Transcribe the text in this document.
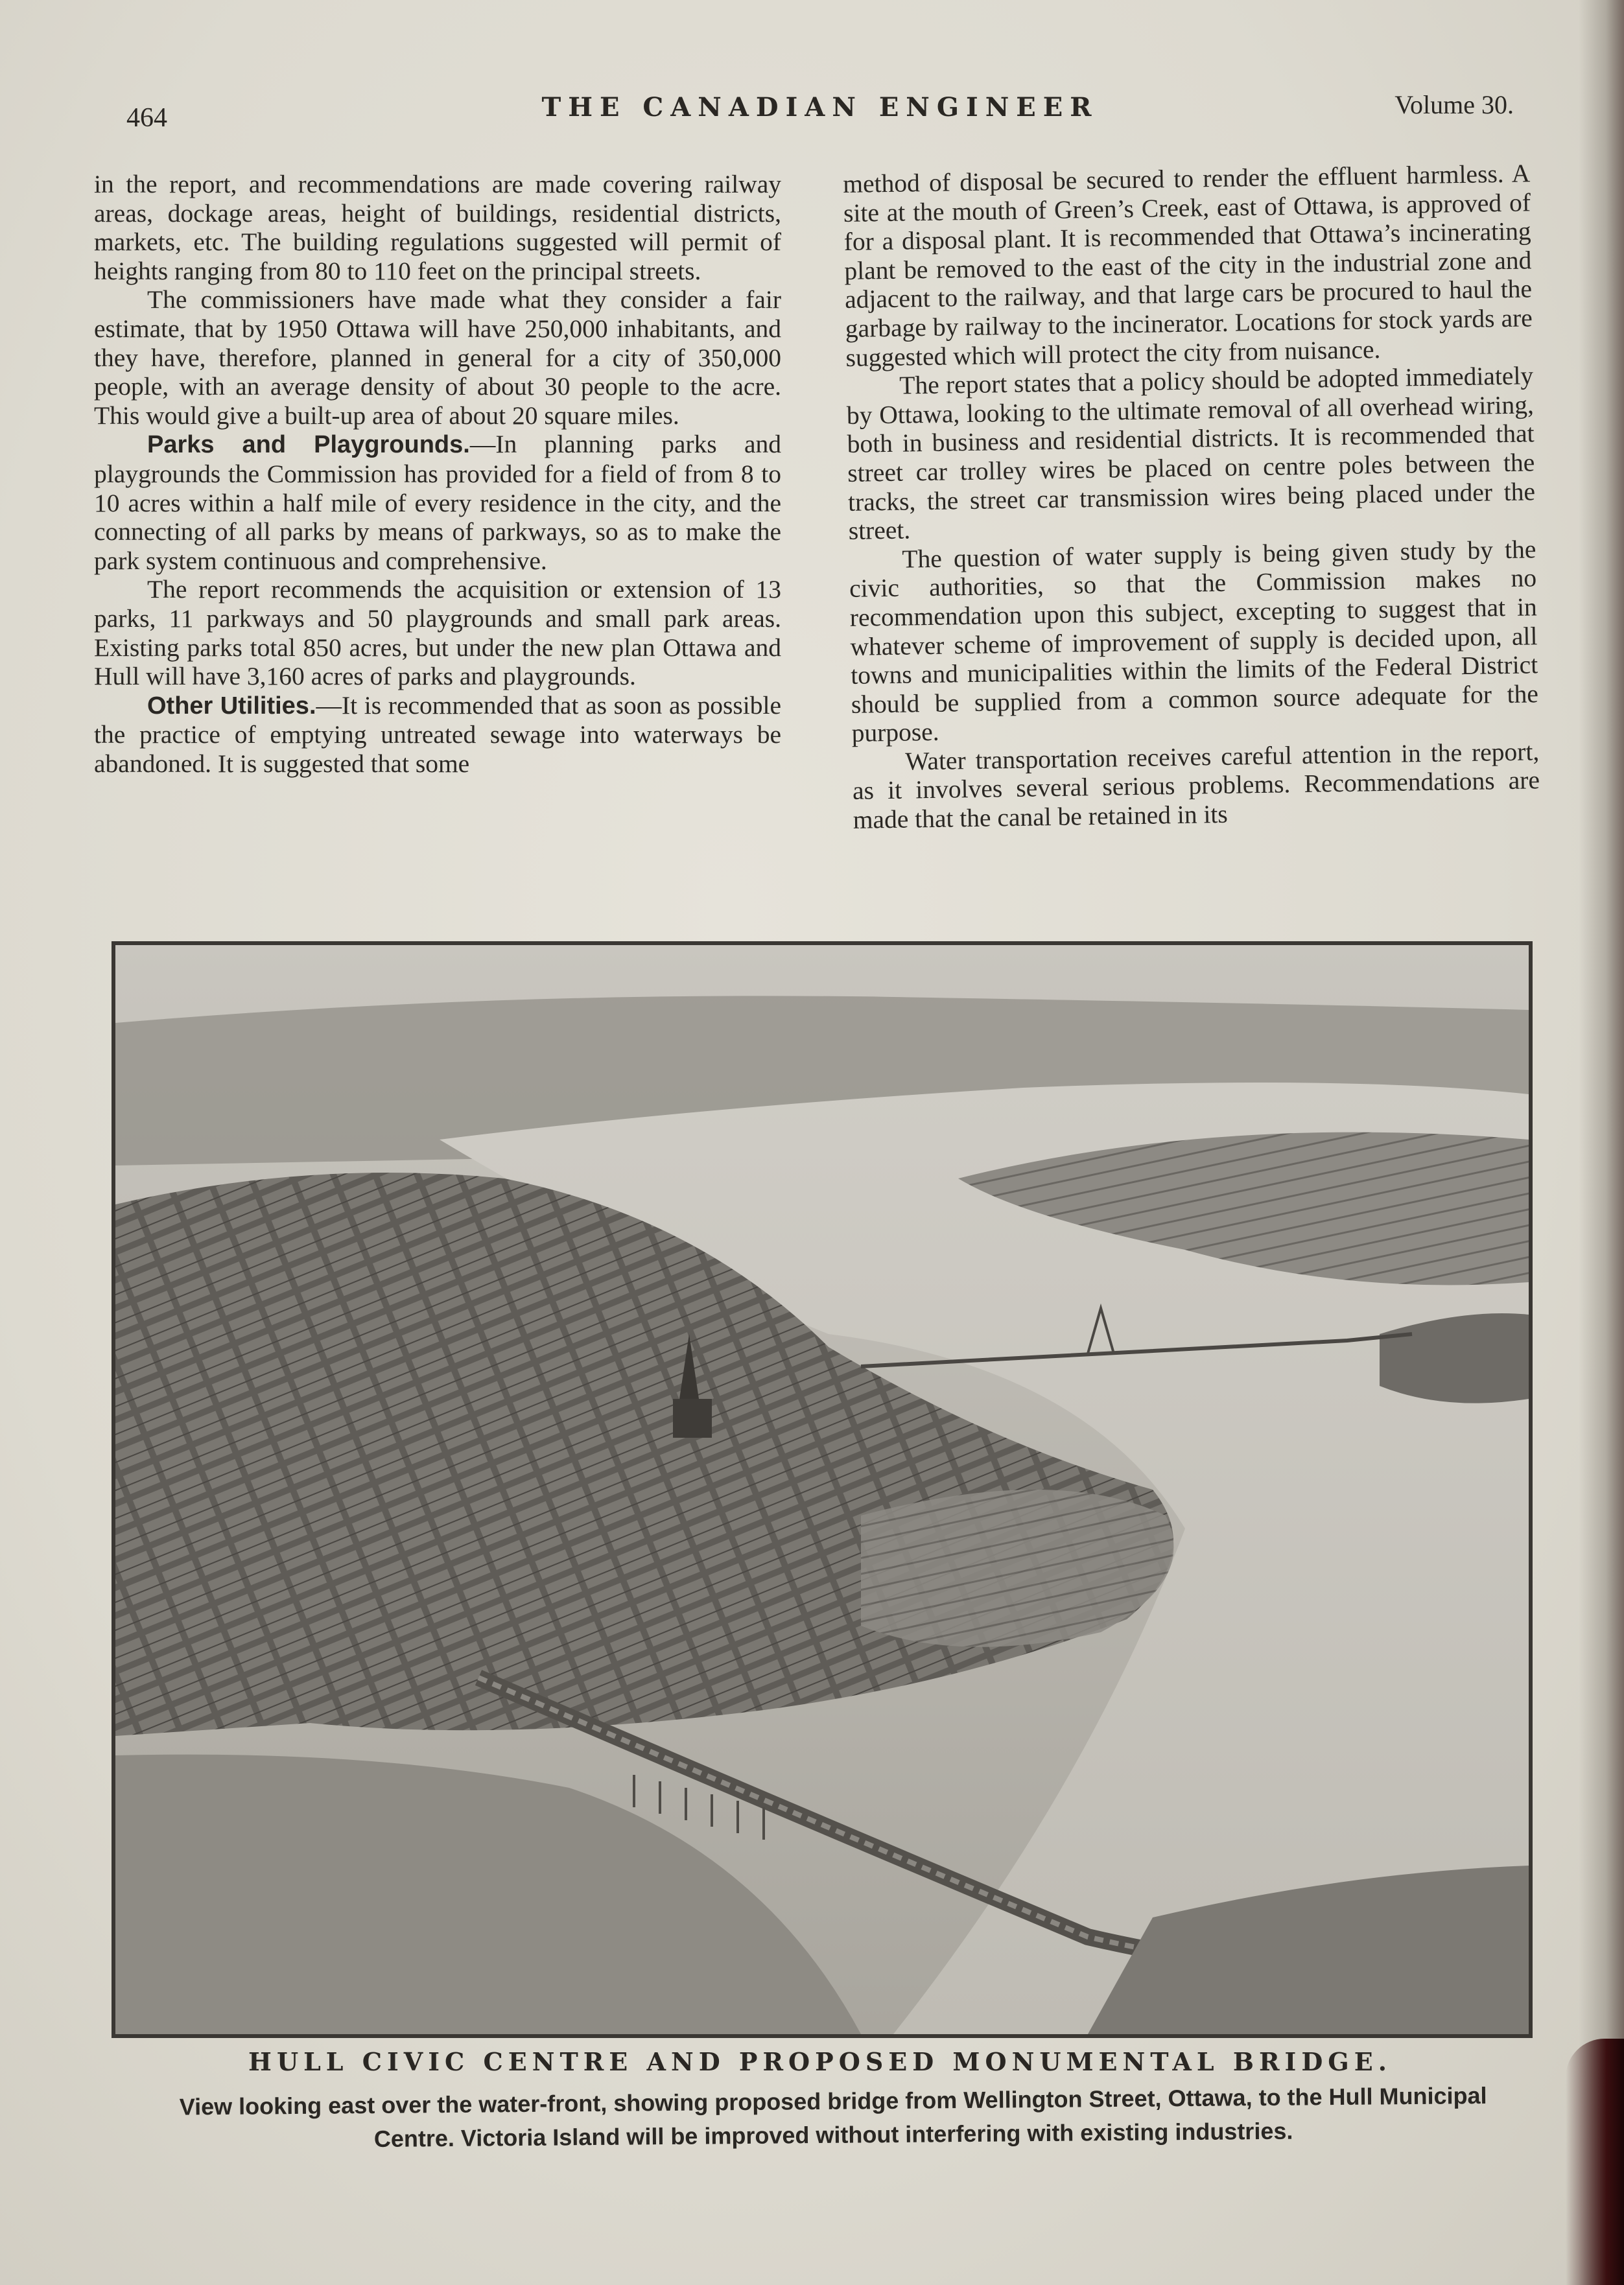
464	THE CANADIAN ENGINEER	Volume 30.

in the report, and recommendations are made covering railway areas, dockage areas, height of buildings, residential districts, markets, etc. The building regulations suggested will permit of heights ranging from 80 to 110 feet on the principal streets.

The commissioners have made what they consider a fair estimate, that by 1950 Ottawa will have 250,000 inhabitants, and they have, therefore, planned in general for a city of 350,000 people, with an average density of about 30 people to the acre. This would give a built-up area of about 20 square miles.

Parks and Playgrounds.—In planning parks and playgrounds the Commission has provided for a field of from 8 to 10 acres within a half mile of every residence in the city, and the connecting of all parks by means of parkways, so as to make the park system continuous and comprehensive.

The report recommends the acquisition or extension of 13 parks, 11 parkways and 50 playgrounds and small park areas. Existing parks total 850 acres, but under the new plan Ottawa and Hull will have 3,160 acres of parks and playgrounds.

Other Utilities.—It is recommended that as soon as possible the practice of emptying untreated sewage into waterways be abandoned. It is suggested that some

method of disposal be secured to render the effluent harmless. A site at the mouth of Green’s Creek, east of Ottawa, is approved of for a disposal plant. It is recommended that Ottawa’s incinerating plant be removed to the east of the city in the industrial zone and adjacent to the railway, and that large cars be procured to haul the garbage by railway to the incinerator. Locations for stock yards are suggested which will protect the city from nuisance.

The report states that a policy should be adopted immediately by Ottawa, looking to the ultimate removal of all overhead wiring, both in business and residential districts. It is recommended that street car trolley wires be placed on centre poles between the tracks, the street car transmission wires being placed under the street.

The question of water supply is being given study by the civic authorities, so that the Commission makes no recommendation upon this subject, excepting to suggest that in whatever scheme of improvement of supply is decided upon, all towns and municipalities within the limits of the Federal District should be supplied from a common source adequate for the purpose.

Water transportation receives careful attention in the report, as it involves several serious problems. Recommendations are made that the canal be retained in its

HULL CIVIC CENTRE AND PROPOSED MONUMENTAL BRIDGE.
View looking east over the water-front, showing proposed bridge from Wellington Street, Ottawa, to the Hull Municipal Centre. Victoria Island will be improved without interfering with existing industries.
